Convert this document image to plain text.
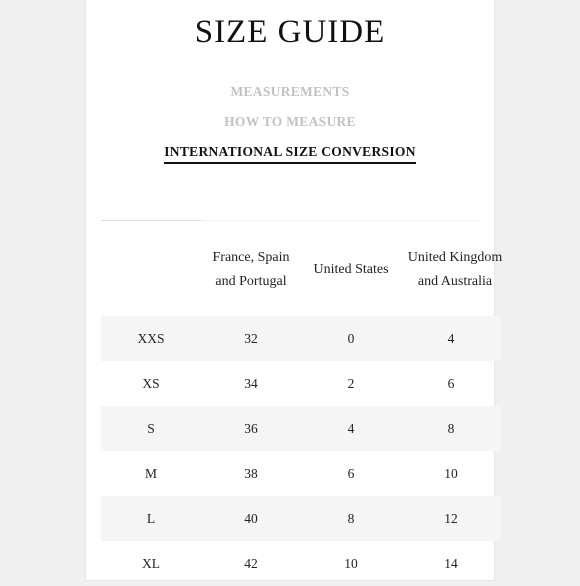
SIZE GUIDE
MEASUREMENTS
HOW TO MEASURE
INTERNATIONAL SIZE CONVERSION
	France, Spain and Portugal	United States	United Kingdom and Australia

XXS	32	0	4
XS	34	2	6
S	36	4	8
M	38	6	10
L	40	8	12
XL	42	10	14
